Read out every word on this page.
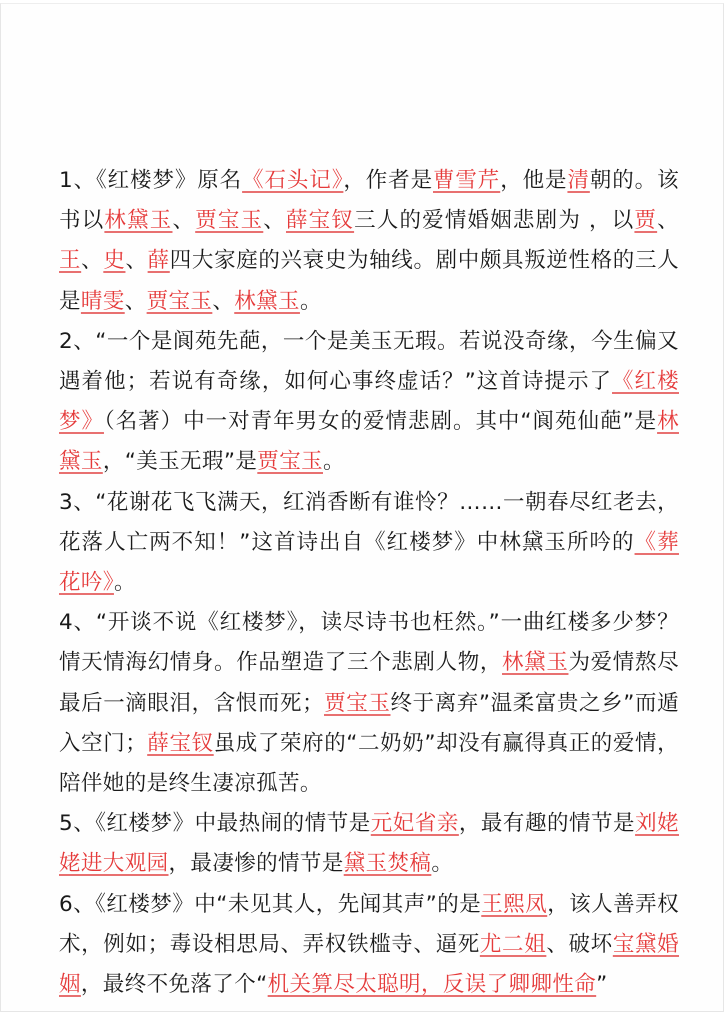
1、《红楼梦》原名《石头记》，作者是曹雪芹，他是清朝的。该书以林黛玉、贾宝玉、薛宝钗三人的爱情婚姻悲剧为 ，以贾、王、史、薛四大家庭的兴衰史为轴线。剧中颇具叛逆性格的三人是晴雯、贾宝玉、林黛玉。

2、“一个是阆苑先葩，一个是美玉无瑕。若说没奇缘，今生偏又遇着他；若说有奇缘，如何心事终虚话？”这首诗提示了《红楼梦》（名著）中一对青年男女的爱情悲剧。其中“阆苑仙葩”是林黛玉，“美玉无瑕”是贾宝玉。

3、“花谢花飞飞满天，红消香断有谁怜？……一朝春尽红老去，花落人亡两不知！”这首诗出自《红楼梦》中林黛玉所吟的《葬花吟》。

4、“开谈不说《红楼梦》，读尽诗书也枉然。”一曲红楼多少梦？情天情海幻情身。作品塑造了三个悲剧人物，林黛玉为爱情熬尽最后一滴眼泪，含恨而死；贾宝玉终于离弃”温柔富贵之乡”而遁入空门；薛宝钗虽成了荣府的“二奶奶”却没有赢得真正的爱情，陪伴她的是终生凄凉孤苦。

5、《红楼梦》中最热闹的情节是元妃省亲，最有趣的情节是刘姥姥进大观园，最凄惨的情节是黛玉焚稿。

6、《红楼梦》中“未见其人，先闻其声”的是王熙凤，该人善弄权术，例如；毒设相思局、弄权铁槛寺、逼死尤二姐、破坏宝黛婚姻，最终不免落了个“机关算尽太聪明，反误了卿卿性命”
